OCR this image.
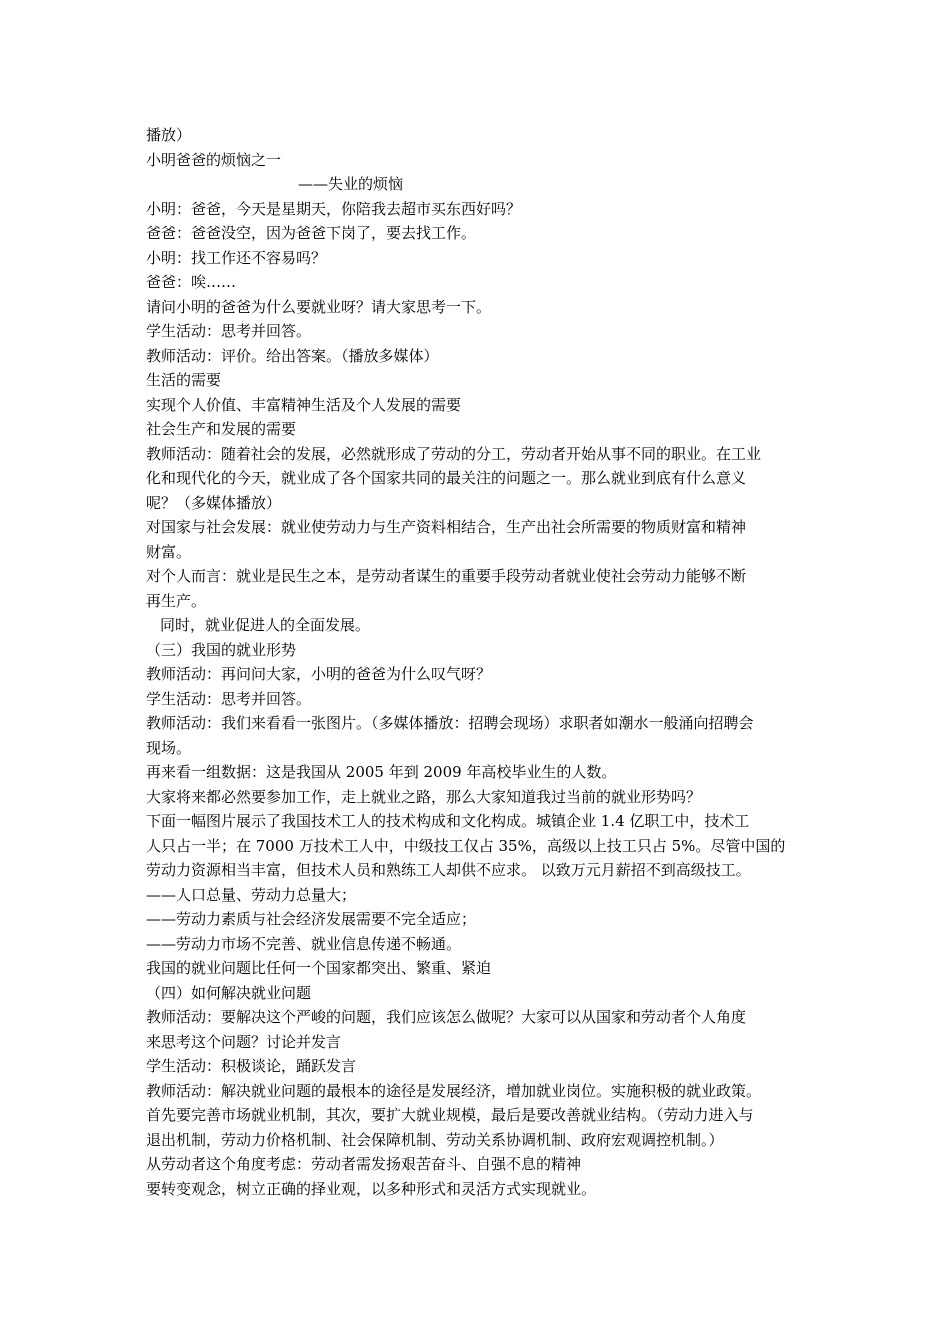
播放）
小明爸爸的烦恼之一
——失业的烦恼
小明：爸爸，今天是星期天，你陪我去超市买东西好吗？
爸爸：爸爸没空，因为爸爸下岗了，要去找工作。
小明：找工作还不容易吗？
爸爸：唉……
请问小明的爸爸为什么要就业呀？请大家思考一下。
学生活动：思考并回答。
教师活动：评价。给出答案。（播放多媒体）
生活的需要
实现个人价值、丰富精神生活及个人发展的需要
社会生产和发展的需要
教师活动：随着社会的发展，必然就形成了劳动的分工，劳动者开始从事不同的职业。在工业
化和现代化的今天，就业成了各个国家共同的最关注的问题之一。那么就业到底有什么意义
呢？（多媒体播放）
对国家与社会发展：就业使劳动力与生产资料相结合，生产出社会所需要的物质财富和精神
财富。
对个人而言：就业是民生之本，是劳动者谋生的重要手段劳动者就业使社会劳动力能够不断
再生产。
同时，就业促进人的全面发展。
（三）我国的就业形势
教师活动：再问问大家，小明的爸爸为什么叹气呀？
学生活动：思考并回答。
教师活动：我们来看看一张图片。（多媒体播放：招聘会现场）求职者如潮水一般涌向招聘会
现场。
再来看一组数据：这是我国从 2005 年到 2009 年高校毕业生的人数。
大家将来都必然要参加工作，走上就业之路，那么大家知道我过当前的就业形势吗？
下面一幅图片展示了我国技术工人的技术构成和文化构成。城镇企业 1.4 亿职工中，技术工
人只占一半；在 7000 万技术工人中，中级技工仅占 35%，高级以上技工只占 5%。尽管中国的
劳动力资源相当丰富，但技术人员和熟练工人却供不应求。 以致万元月薪招不到高级技工。
——人口总量、劳动力总量大；
——劳动力素质与社会经济发展需要不完全适应；
——劳动力市场不完善、就业信息传递不畅通。
我国的就业问题比任何一个国家都突出、繁重、紧迫
（四）如何解决就业问题
教师活动：要解决这个严峻的问题，我们应该怎么做呢？大家可以从国家和劳动者个人角度
来思考这个问题？讨论并发言
学生活动：积极谈论，踊跃发言
教师活动：解决就业问题的最根本的途径是发展经济，增加就业岗位。实施积极的就业政策。
首先要完善市场就业机制，其次，要扩大就业规模，最后是要改善就业结构。（劳动力进入与
退出机制，劳动力价格机制、社会保障机制、劳动关系协调机制、政府宏观调控机制。）
从劳动者这个角度考虑：劳动者需发扬艰苦奋斗、自强不息的精神
要转变观念，树立正确的择业观，以多种形式和灵活方式实现就业。
